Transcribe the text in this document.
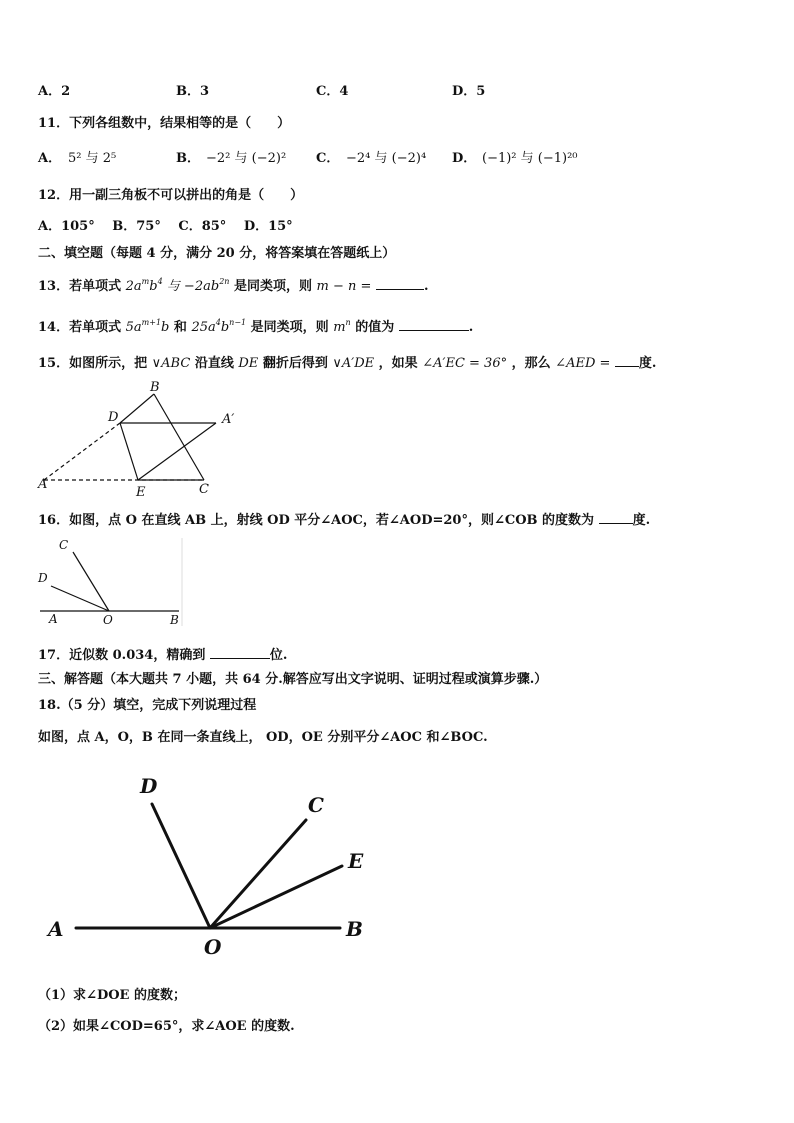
A．2	B．3	C．4	D．5
11．下列各组数中，结果相等的是（　　）
A． 5² 与 2⁵	B． −2² 与 (−2)² C． −2⁴ 与 (−2)⁴ D． (−1)² 与 (−1)²⁰
12．用一副三角板不可以拼出的角是（　　）
A．105°　 B．75°　 C．85°　 D．15°
二、填空题（每题 4 分，满分 20 分，将答案填在答题纸上）
13．若单项式 $2a^mb^4$ 与 $-2ab^{2n}$ 是同类项，则 m − n =	.
14．若单项式 $5a^{m+1}b$ 和 $25a^4b^{n-1}$ 是同类项，则 $m^n$ 的值为	.
15．如图所示，把 ∨ABC 沿直线 DE 翻折后得到 ∨A′DE ，如果 ∠A′EC = 36° ，那么 ∠AED = 度.
B
D	A′
A
E	C
16．如图，点 O 在直线 AB 上，射线 OD 平分∠AOC，若∠AOD=20°，则∠COB 的度数为	度.
C
D
A	O	B
17．近似数 0.034，精确到	位.
三、解答题（本大题共 7 小题，共 64 分.解答应写出文字说明、证明过程或演算步骤.）
18.（5 分）填空，完成下列说理过程
如图，点 A，O，B 在同一条直线上， OD，OE 分别平分∠AOC 和∠BOC.
D
C
E
A
O
B
（1）求∠DOE 的度数；
（2）如果∠COD=65°，求∠AOE 的度数.
